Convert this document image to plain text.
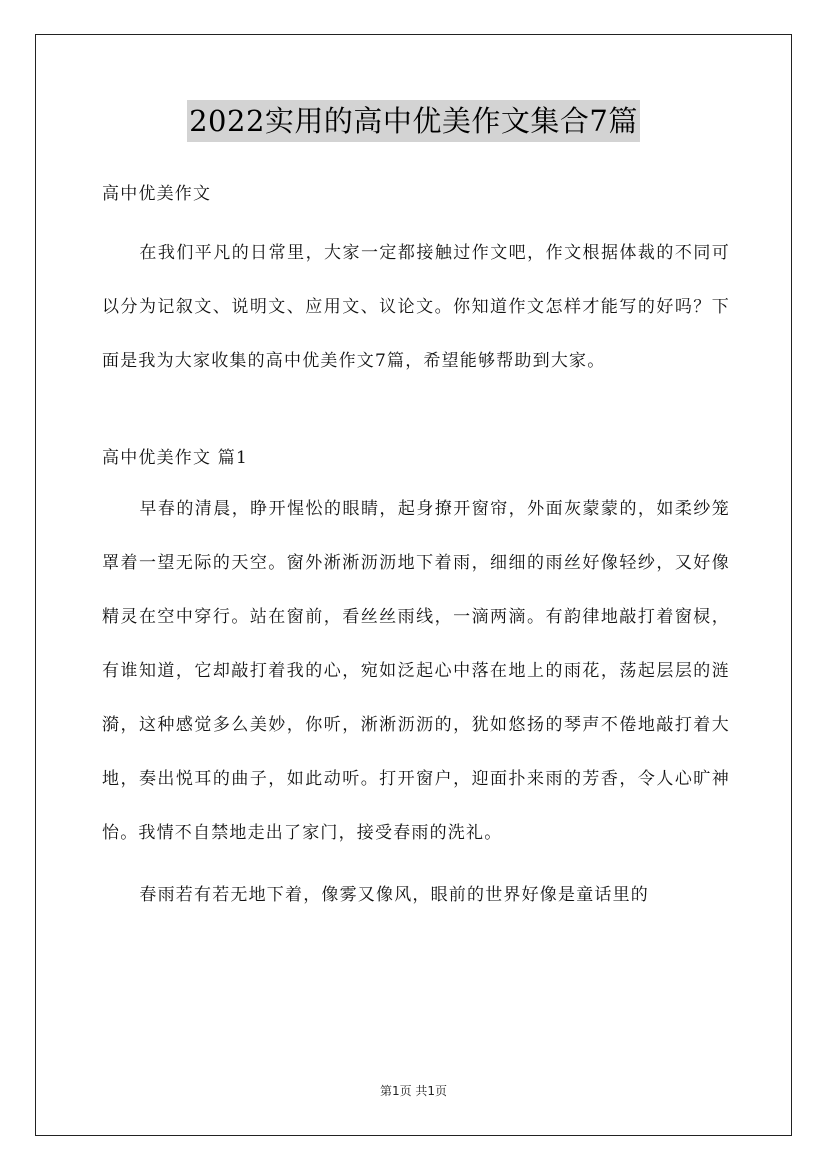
2022实用的高中优美作文集合7篇
高中优美作文

在我们平凡的日常里，大家一定都接触过作文吧，作文根据体裁的不同可以分为记叙文、说明文、应用文、议论文。你知道作文怎样才能写的好吗？下面是我为大家收集的高中优美作文7篇，希望能够帮助到大家。

高中优美作文 篇1

早春的清晨，睁开惺忪的眼睛，起身撩开窗帘，外面灰蒙蒙的，如柔纱笼罩着一望无际的天空。窗外淅淅沥沥地下着雨，细细的雨丝好像轻纱，又好像精灵在空中穿行。站在窗前，看丝丝雨线，一滴两滴。有韵律地敲打着窗棂，有谁知道，它却敲打着我的心，宛如泛起心中落在地上的雨花，荡起层层的涟漪，这种感觉多么美妙，你听，淅淅沥沥的，犹如悠扬的琴声不倦地敲打着大地，奏出悦耳的曲子，如此动听。打开窗户，迎面扑来雨的芳香，令人心旷神怡。我情不自禁地走出了家门，接受春雨的洗礼。

春雨若有若无地下着，像雾又像风，眼前的世界好像是童话里的

第1页 共1页
